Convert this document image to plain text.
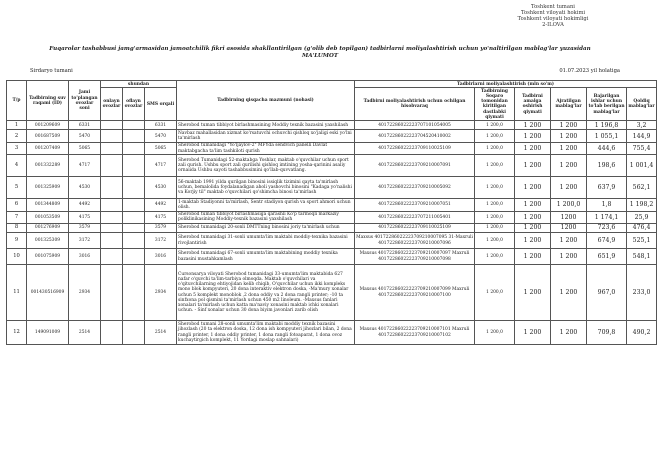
Toshkent tumani
Toshkent viloyati hokimi
Toshkent viloyati hokimligi
2-ILOVA
Fuqarolar tashabbusi jamg'armasidan jamoatchilik fikri asosida shakllantirilgan (g'olib deb topilgan) tadbirlarni moliyalashtirish uchun yo'naltirilgan mablag'lar yuzasidan
MA'LUMOT
Sirdaryo tumani	01.07.2023 yil holatiga
T/p	Tadbirning suv raqami (ID)	Jami to'plangan ovozlar soni	shundan			Tadbirning qisqacha mazmuni (nohasi)	Tadbirlarni moliyalashtirish (mln so'm)					
			onlayn ovozlar	oflayn ovozlar	SMS orqali		Tadbirni moliyalashtirish uchun ochilgan hisobvaraq	Tadbirning Soqaro tomonidan kiritilgan dastlabki qiymati	Tadbirni amalga oshirish qiymati	Ajratilgan mablag'lar	Bajarilgan ishlar uchun to'lab berilgan mablag'lar	Qoldiq mablag'lar

1	001209609	6331			6331	Sherobod tuman tibbiyot birlashmasining Moddiy texnik bazasini yaxshilash	40172286022223707101054005	1 200,0	1 200	1 200	1 196,8	3,2
2	001687509	5470			5470	Navbaz mahallasidan xizmat ko'rsatuvchi ochuvchi qishloq xo'jaligi eski yo'lni ta'mirlash	40172286022223704520410002	1 200,0	1 200	1 200	1 055,1	144,9
3	001207409	5065			5065	Sherobod tumanidagi "Yo'ljaylov-2" MFYda sendvich panelli Davlat maktabgacha ta'lim tashkiloti qurish	40172286022223709110025109	1 200,0	1 200	1 200	444,6	755,4
4	001332289	4717			4717	Sherobod Tumanidagi 52-maktabga Yoshlar, maktab o'quvchilar uchun sport zali qurish. Ushbu sport zali qurilishi qishloq imtining yosha-qarinini asaliy ornaiida Ushbu sayoti tashabbusimini qo'llab-quvvatlang.	40172286022223709210007091	1 200,0	1 200	1 200	198,6	1 001,4
5	001325909	4530			4530	56-maktab 1991 yilda qurilgan binosini issiqlik tizimini qayta ta'mirlash uchun, bemalolida foydalanadigan aholi yashovchi binosini "Kadaga yo'nalishi va Korjiy til" maktab o'quvchilari qo'shimcha binosi ta'mirlash	40172286022223709210005092	1 200,0	1 200	1 200	637,9	562,1
6	001344809	4492			4492	1-maktab Stadiyonni ta'mirlash, Sentr stadiyon qurish va sport ahmori uchun olish.	40172286022223709210007051	1 200,0	1 200	1 200,0	1,8	1 198,2
7	001053509	4175			4175	Sherobod tuman tibbiyot birlashmasiga qarashli Ko'p tarmoqli markaziy poliklinikasining Moddiy-texnik bazasini yaxshilash	40172286022223707211005401	1 200,0	1 200	1200	1 174,1	25,9
8	001276909	3579			3579	Sherobod tumanidagi 20-sonli DMTTning binosini joriy ta'mirlash uchun	40172286022223709110025109	1 200,0	1 200	1200	723,6	476,4
9	001325309	3172			3172	Sherobod tumanidagi 31-sonli umumta'lim maktabi moddiy-texnika bazasini rivojlantirish	Maxsus 40172286022223709210007095 31-Maxruli 40172286022223709210007096	1 200,0	1 200	1 200	674,9	525,1
10	001075909	3016			3016	Sherobod tumanidagi 67-sonli umumta'lim maktabining moddiy texnika bazasini mustahkamlash	Maxsus 40172286022223709210007097 Maxruli 40172286022223709210007098	1 200,0	1 200	1 200	651,9	548,1
11	001430516909	2934			2934	Cursonsarya viloyati Sherobod tumanidagi 33-umumta'lim maktabida 627 nafar o'quvchi ta'lim-tarbiya olmoqda. Maktab o'quvchilari va o'qituvchilarning ehtiyojidan kelib chiqib, O'quvchilar uchun ikki kompleks mono blok kompyuteri, 20 dona interaktiv elektron doska, -Ma'mury xonalar uchun 5 komplekt monoblok ,2 dona oddiy va 2 dona rangli printer; -10 ta sinfxona pol qismini ta'mirlash uchun 450 m2 linoleum. -Maxsus fanlari xonalari ta'mirlash uchun katta ma'naviy xonasini maktab ichki xonalari uchun. - Sinf xonalar uchun 30 dona biyim javonlari zarib olish	Maxsus 40172286022223709210007099 Maxruli 40172286022223709210007100	1 200,0	1 200	1 200	967,0	233,0
12	149091009	2514			2514	Sherobod tumani 28-sonli umumta'lim maktabi moddiy texnik bazasini jihozlash (20 ta elektron doska, 12 dona ish kompyuteri jihozlari bilan, 2 dona rangli printer, 1 dona oddiy printer, 1 dona rangli fotoaparat, 1 dona ovoz kuchaytirgich komplekt, 11 Yordagi moslap sahnalari)	Maxsus 40172286022223709210007101 Maxruli 40172286022223709210007102	1 200,0	1 200	1 200	709,8	490,2
